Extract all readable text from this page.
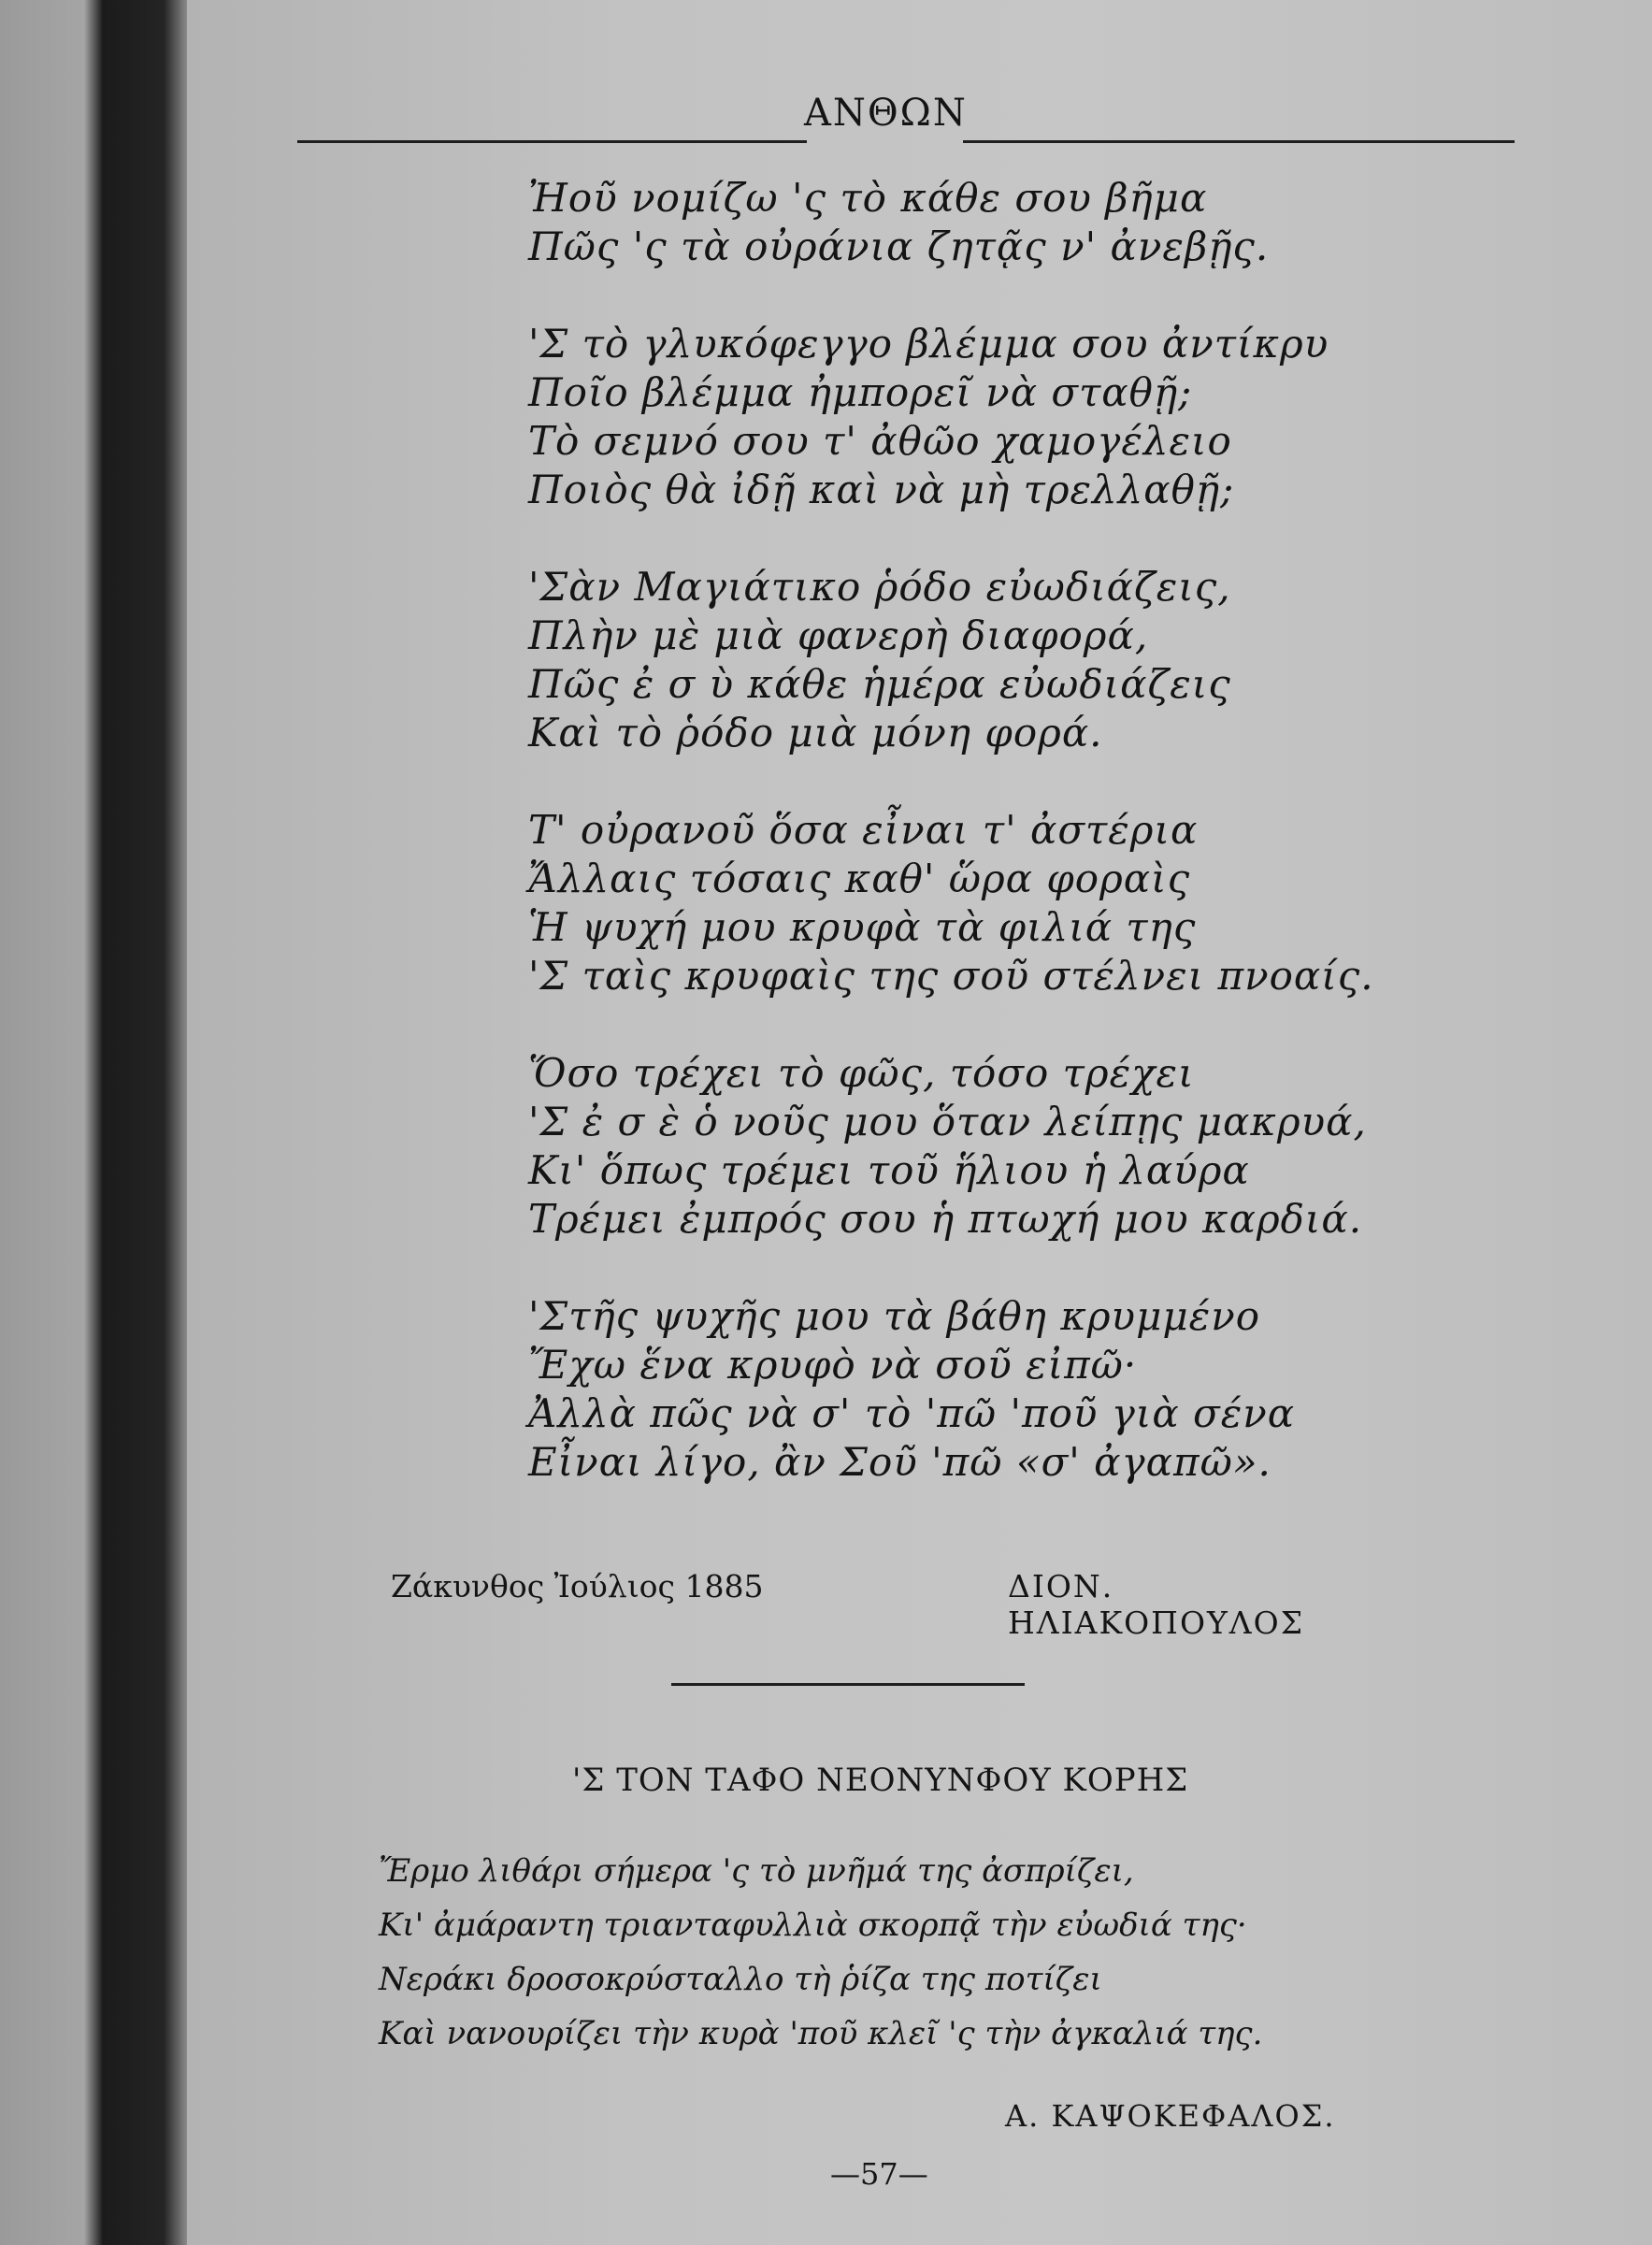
ΑΝΘΩΝ
Ἠοῦ νομίζω 'ς τὸ κάθε σου βῆμα
Πῶς 'ς τὰ οὐράνια ζητᾷς ν' ἀνεβῇς.
'Σ τὸ γλυκόφεγγο βλέμμα σου ἀντίκρυ
Ποῖο βλέμμα ἠμπορεῖ νὰ σταθῇ;
Τὸ σεμνό σου τ' ἀθῶο χαμογέλειο
Ποιὸς θὰ ἰδῇ καὶ νὰ μὴ τρελλαθῇ;
'Σὰν Μαγιάτικο ῥόδο εὐωδιάζεις,
Πλὴν μὲ μιὰ φανερὴ διαφορά,
Πῶς ἐ σ ὺ κάθε ἡμέρα εὐωδιάζεις
Καὶ τὸ ῥόδο μιὰ μόνη φορά.
Τ' οὐρανοῦ ὅσα εἶναι τ' ἀστέρια
Ἄλλαις τόσαις καθ' ὥρα φοραὶς
Ἡ ψυχή μου κρυφὰ τὰ φιλιά της
'Σ ταὶς κρυφαὶς της σοῦ στέλνει πνοαίς.
Ὅσο τρέχει τὸ φῶς, τόσο τρέχει
'Σ ἐ σ ὲ ὁ νοῦς μου ὅταν λείπῃς μακρυά,
Κι' ὅπως τρέμει τοῦ ἥλιου ἡ λαύρα
Τρέμει ἐμπρός σου ἡ πτωχή μου καρδιά.
'Στῆς ψυχῆς μου τὰ βάθη κρυμμένο
Ἔχω ἕνα κρυφὸ νὰ σοῦ εἰπῶ·
Ἀλλὰ πῶς νὰ σ' τὸ 'πῶ 'ποῦ γιὰ σένα
Εἶναι λίγο, ἂν Σοῦ 'πῶ «σ' ἀγαπῶ».
Ζάκυνθος Ἰούλιος 1885	ΔΙΟΝ. ΗΛΙΑΚΟΠΟΥΛΟΣ
'Σ ΤΟΝ ΤΑΦΟ ΝΕΟΝΥΝΦΟΥ ΚΟΡΗΣ
Ἔρμο λιθάρι σήμερα 'ς τὸ μνῆμά της ἀσπρίζει,
Κι' ἀμάραντη τριανταφυλλιὰ σκορπᾷ τὴν εὐωδιά της·
Νεράκι δροσοκρύσταλλο τὴ ῥίζα της ποτίζει
Καὶ νανουρίζει τὴν κυρὰ 'ποῦ κλεῖ 'ς τὴν ἀγκαλιά της.
Α. ΚΑΨΟΚΕΦΑΛΟΣ.
—57—
